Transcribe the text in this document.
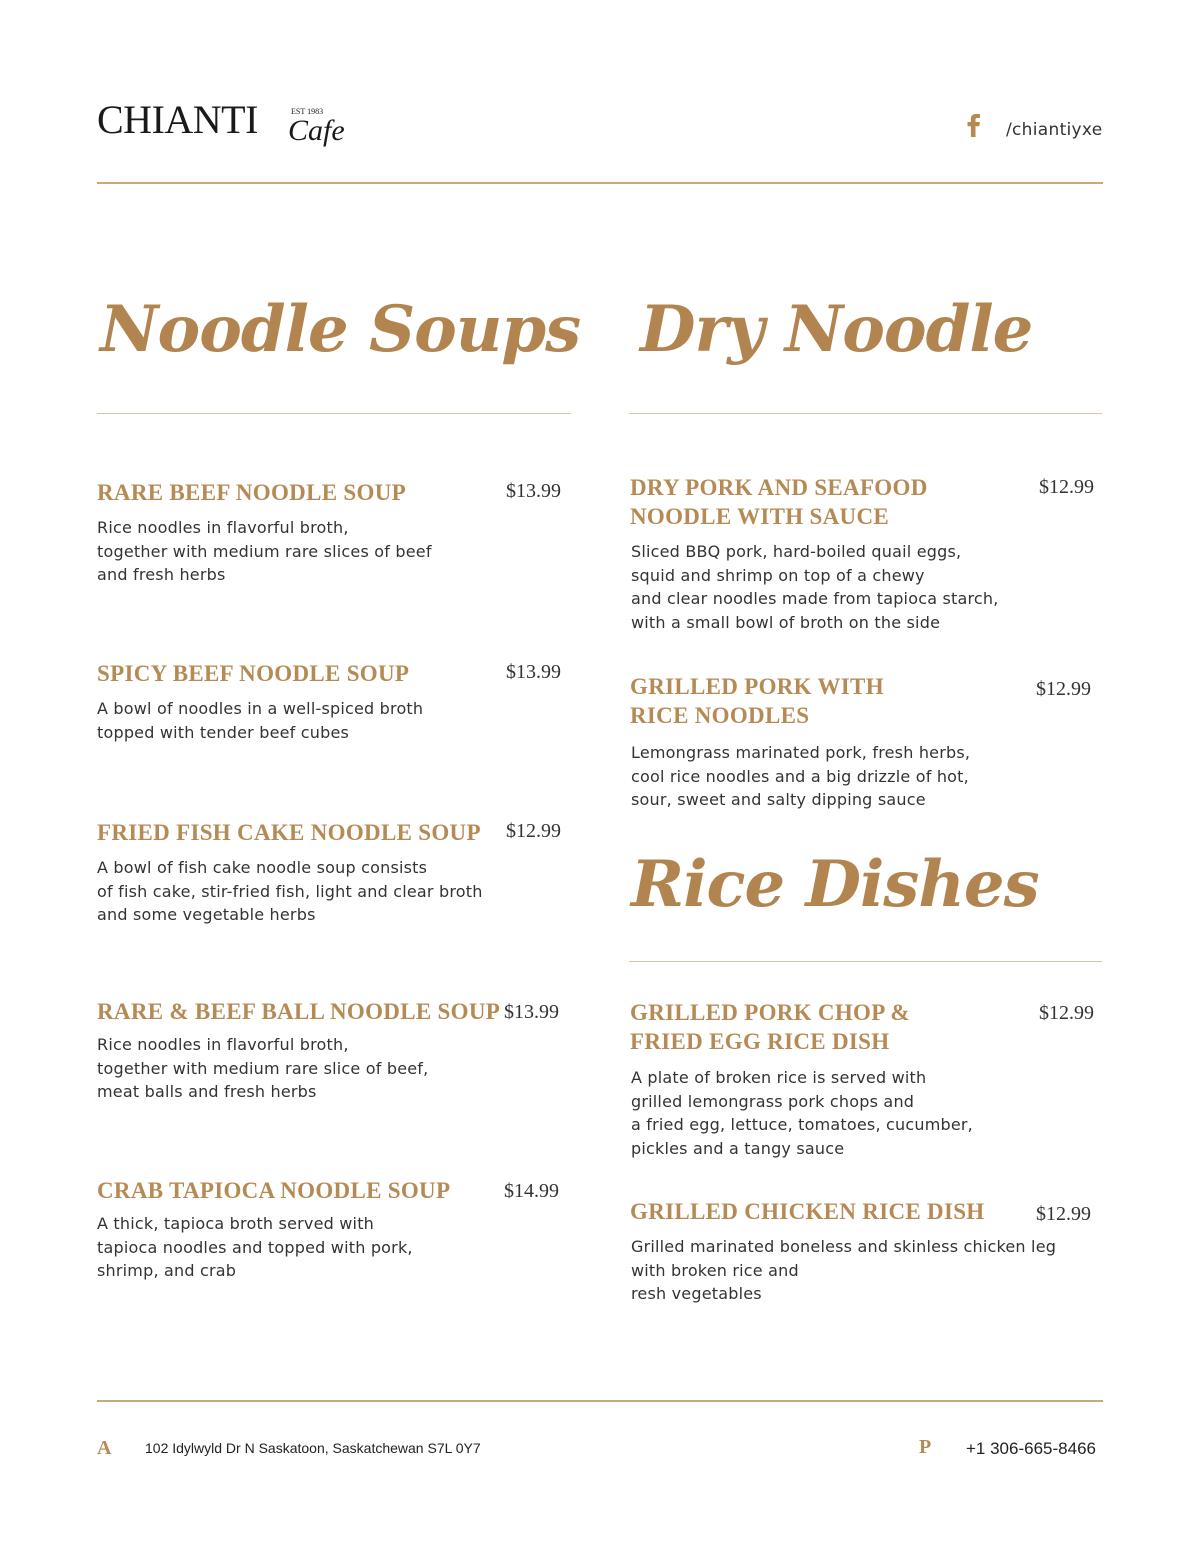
CHIANTI	EST 1983
Cafe	/chiantiyxe
Noodle Soups
RARE BEEF NOODLE SOUP	$13.99
Rice noodles in flavorful broth,
together with medium rare slices of beef
and fresh herbs
SPICY BEEF NOODLE SOUP	$13.99
A bowl of noodles in a well-spiced broth
topped with tender beef cubes
FRIED FISH CAKE NOODLE SOUP $12.99
A bowl of fish cake noodle soup consists
of fish cake, stir-fried fish, light and clear broth
and some vegetable herbs
RARE & BEEF BALL NOODLE SOUP $13.99
Rice noodles in flavorful broth,
together with medium rare slice of beef,
meat balls and fresh herbs
CRAB TAPIOCA NOODLE SOUP	$14.99
A thick, tapioca broth served with
tapioca noodles and topped with pork,
shrimp, and crab
Dry Noodle
DRY PORK AND SEAFOOD
NOODLE WITH SAUCE
$12.99
Sliced BBQ pork, hard-boiled quail eggs,
squid and shrimp on top of a chewy
and clear noodles made from tapioca starch,
with a small bowl of broth on the side
GRILLED PORK WITH
RICE NOODLES
$12.99
Lemongrass marinated pork, fresh herbs,
cool rice noodles and a big drizzle of hot,
sour, sweet and salty dipping sauce
Rice Dishes
GRILLED PORK CHOP &
FRIED EGG RICE DISH
$12.99
A plate of broken rice is served with
grilled lemongrass pork chops and
a fried egg, lettuce, tomatoes, cucumber,
pickles and a tangy sauce
GRILLED CHICKEN RICE DISH	$12.99
Grilled marinated boneless and skinless chicken leg
with broken rice and
resh vegetables
A 102 Idylwyld Dr N Saskatoon, Saskatchewan S7L 0Y7	P +1 306-665-8466
